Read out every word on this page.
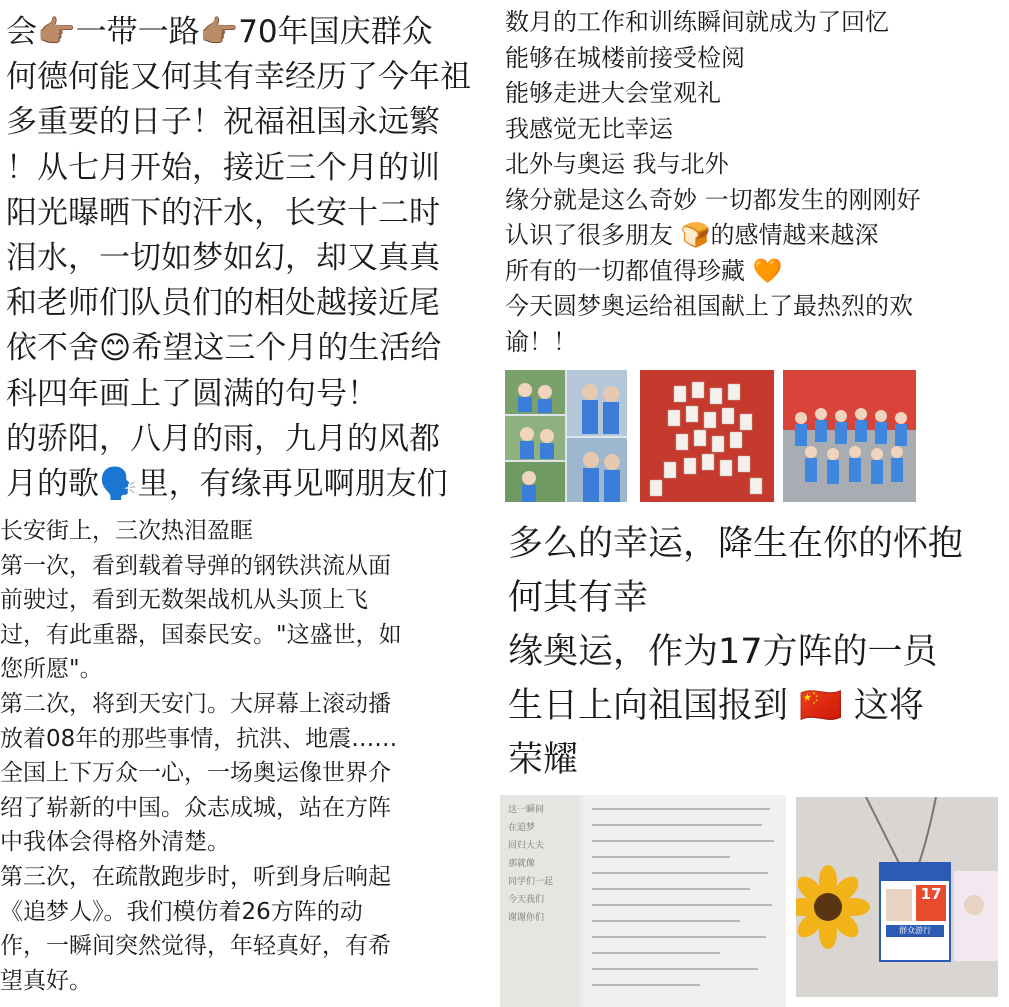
会👉🏽一带一路👉🏽70年国庆群众
何德何能又何其有幸经历了今年祖
多重要的日子！祝福祖国永远繁
！从七月开始，接近三个月的训
阳光曝晒下的汗水，长安十二时
泪水，一切如梦如幻，却又真真
和老师们队员们的相处越接近尾
依不舍😊希望这三个月的生活给
科四年画上了圆满的句号！
的骄阳，八月的雨，九月的风都
月的歌🗣️里，有缘再见啊朋友们
数月的工作和训练瞬间就成为了回忆
能够在城楼前接受检阅
能够走进大会堂观礼
我感觉无比幸运
北外与奥运 我与北外
缘分就是这么奇妙 一切都发生的刚刚好
认识了很多朋友 🍞的感情越来越深
所有的一切都值得珍藏 🧡
今天圆梦奥运给祖国献上了最热烈的欢
谕！！
长安街上，三次热泪盈眶
第一次，看到载着导弹的钢铁洪流从面
前驶过，看到无数架战机从头顶上飞
过，有此重器，国泰民安。"这盛世，如
您所愿"。
第二次，将到天安门。大屏幕上滚动播
放着08年的那些事情，抗洪、地震……
全国上下万众一心，一场奥运像世界介
绍了崭新的中国。众志成城，站在方阵
中我体会得格外清楚。
第三次，在疏散跑步时，听到身后响起
《追梦人》。我们模仿着26方阵的动
作，一瞬间突然觉得，年轻真好，有希
望真好。
多么的幸运，降生在你的怀抱
何其有幸
缘奥运，作为17方阵的一员
生日上向祖国报到 🇨🇳 这将
荣耀
这一瞬间
在追梦
回归大夫
那就像
同学们一起
今天我们
谢谢你们
17
群众游行
